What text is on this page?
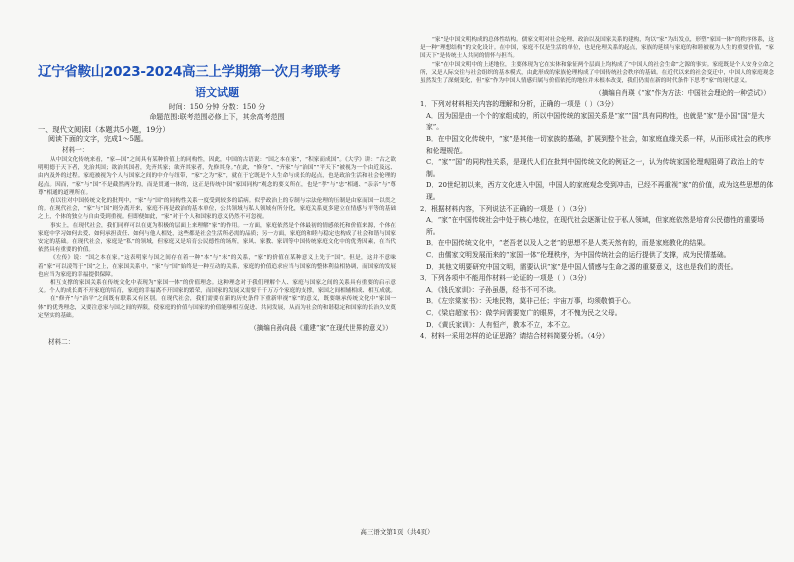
辽宁省鞍山2023-2024高三上学期第一次月考联考
语文试题
时间：150 分钟 分数：150 分
命题范围:联考范围必修上下，其余高考范围
一、现代文阅读Ⅰ（本题共5小题，19分）
阅读下面的文字，完成1～5题。
材料一：

从中国文化传统来看，“家—国”之间具有某种价值上的同构性，因此，中国的古语说：“国之本在家”，“积家而成国”。《大学》讲：“古之欲明明德于天下者，先治其国；欲治其国者，先齐其家；欲齐其家者，先修其身。”在此，“修身”、“齐家”与“治国”“平天下”被视为一个由近及远、由内及外的过程。家庭被视为个人与国家之间的中介与纽带，“家”之为“家”，就在于它既是个人生命与成长的起点，也是政治生活和社会伦理的起点。因而，“家”与“国”不是截然两分的，而是贯通一体的，这正是传统中国“家国同构”观念的要义所在，也是“孝”与“忠”相通、“亲亲”与“尊尊”相通的道理所在。

在以往对中国传统文化的批判中，“家”与“国”的同构性关系一度受到较多的诟病。似乎政治上的专制与宗法伦理的压制是由家而国一以贯之的。在现代社会，“家”与“国”则分离开来，家庭不再是政治的基本单位，公共领域与私人领域有所分化，家庭关系更多建立在情感与平等的基础之上，个体的独立与自由受到重视。但即便如此，“家”对于个人和国家的意义仍然不可忽视。

事实上，在现代社会，我们同样可以在更为积极的层面上来理解“家”的作用。一方面，家庭依然是个体最初的情感依托和价值来源，个体在家庭中学习如何去爱、如何承担责任、如何与他人相处，这些都是社会生活所必需的品质；另一方面，家庭的和睦与稳定也构成了社会和谐与国家安定的基础。在现代社会，家庭是“私”的领域，但家庭又是培育公民德性的场所，家风、家教、家训等中国传统家庭文化中的优秀因素，在当代依然具有重要的价值。

《左传》说：“国之本在家。”这表明家与国之间存在着一种“本”与“末”的关系，“家”的价值在某种意义上先于“国”。但是，这并不意味着“家”可以凌驾于“国”之上，在家国关系中，“家”与“国”始终是一种互动的关系，家庭的价值追求应当与国家的整体利益相协调，而国家的发展也应当为家庭的幸福提供保障。

相互支撑的家国关系在传统文化中表现为“家国一体”的价值理念。这种理念对于我们理解个人、家庭与国家之间的关系具有重要的启示意义。个人的成长离不开家庭的培育，家庭的幸福离不开国家的繁荣，而国家的发展又需要千千万万个家庭的支撑，家国之间相辅相成、相互成就。

在“修齐”与“治平”之间既有联系又有区别。在现代社会，我们需要在新的历史条件下重新审视“家”的意义，既要继承传统文化中“家国一体”的优秀理念，又要注意家与国之间的界限，使家庭的价值与国家的价值能够相互促进、共同发展，从而为社会的和谐稳定和国家的长治久安奠定坚实的基础。

（摘编自孙向晨《重建“家”在现代世界的意义》）
材料二：

“家”是中国文明构成的总体性结构。儒家文明对社会伦理、政治以及国家关系的建构，均以“家”为出发点，形塑“家国一体”的秩序体系，这是一种“理想结构”的文化设计。在中国，家庭不仅是生活的单位，也是伦理关系的起点，家族的延续与家庭的和睦被视为人生的重要价值，“家国天下”是传统士人共同的情怀与担当。

“家”在中国文明中的上述地位，主要体现为它在实体和象征两个层面上均构成了“中国人的社会生命”之源的事实。家庭既是个人安身立命之所，又是人际交往与社会组织的基本模式，由此形成的家族伦理构成了中国传统社会秩序的基础。在近代以来的社会变迁中，中国人的家庭观念虽然发生了深刻变化，但“家”作为中国人情感归属与价值依托的地位并未根本改变，我们仍需在新的时代条件下思考“家”的现代意义。

（摘编自肖瑛《“家”作为方法：中国社会理论的一种尝试》）

1．下列对材料相关内容的理解和分析，正确的一项是（ ）（3分）

A．因为国是由一个个的家组成的，所以中国传统的家国关系是“家”“国”具有同构性，也就是“家”是小国“国”是大家”。

B．在中国文化传统中，“家”是其他一切家族的基础，扩展到整个社会，如家庭血缘关系一样，从而形成社会的秩序和伦理规范。

C．“家”“国”的同构性关系，是现代人们在批判中国传统文化的例证之一，认为传统家国伦理观阻碍了政治上的专制。

D．20世纪初以来，西方文化进入中国，中国人的家庭观念受到冲击，已经不再重视“家”的价值，成为这些思想的体现。

2．根据材料内容，下列说法不正确的一项是（ ）（3分）

A．“家”在中国传统社会中处于核心地位，在现代社会逐渐让位于私人领域，但家庭依然是培育公民德性的重要场所。

B．在中国传统文化中，“老吾老以及人之老”的思想不是人类天然有的，而是家庭教化的结果。

C．由儒家文明发展而来的“家国一体”伦理秩序，为中国传统社会的运行提供了支撑，成为民情基础。

D．其他文明要研究中国文明，需要认识“家”是中国人情感与生命之源的重要意义，这也是我们的责任。

3．下列各项中不能用作材料一论证的一项是（ ）（3分）

A．《钱氏家训》：子孙虽愚，经书不可不读。

B．《左宗棠家书》：天地民物，莫非己任；宇宙万事，均须敬慎于心。

C．《梁启超家书》：做学问需要宽广的眼界，才不愧为民之父母。

D．《黄氏家训》：人有恒产，教本不立，本不立。

4．材料一采用怎样的论证思路？请结合材料简要分析。（4分）

高三语文第1页（共4页）
